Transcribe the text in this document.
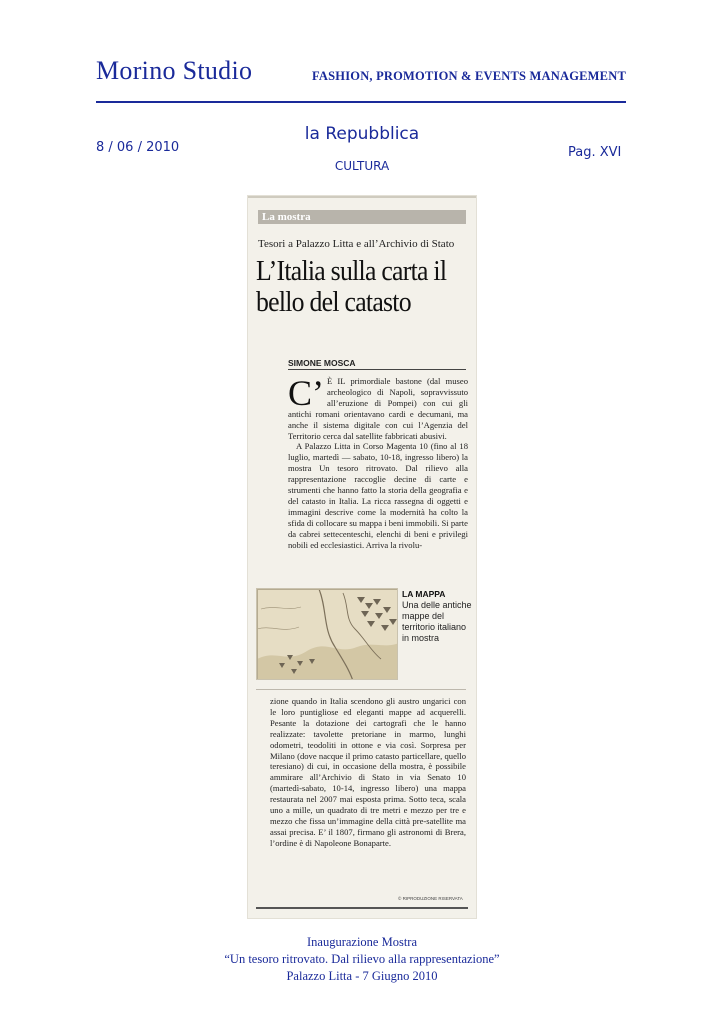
Morino Studio	FASHION, PROMOTION & EVENTS MANAGEMENT
8 / 06 / 2010
la Repubblica
CULTURA
Pag. XVI
La mostra
Tesori a Palazzo Litta e all’Archivio di Stato
L’Italia sulla carta il bello del catasto
SIMONE MOSCA
C’ È IL primordiale bastone (dal museo archeologico di Napoli, sopravvissuto all’eruzione di Pompei) con cui gli antichi romani orientavano cardi e decumani, ma anche il sistema digitale con cui l’Agenzia del Territorio cerca dal satellite fabbricati abusivi.

A Palazzo Litta in Corso Magenta 10 (fino al 18 luglio, martedì — sabato, 10-18, ingresso libero) la mostra Un tesoro ritrovato. Dal rilievo alla rappresentazione raccoglie decine di carte e strumenti che hanno fatto la storia della geografia e del catasto in Italia. La ricca rassegna di oggetti e immagini descrive come la modernità ha colto la sfida di collocare su mappa i beni immobili. Si parte da cabrei settecenteschi, elenchi di beni e privilegi nobili ed ecclesiastici. Arriva la rivolu-

LA MAPPA
Una delle antiche mappe del territorio italiano in mostra

zione quando in Italia scendono gli austro ungarici con le loro puntigliose ed eleganti mappe ad acquerelli. Pesante la dotazione dei cartografi che le hanno realizzate: tavolette pretoriane in marmo, lunghi odometri, teodoliti in ottone e via così. Sorpresa per Milano (dove nacque il primo catasto particellare, quello teresiano) di cui, in occasione della mostra, è possibile ammirare all’Archivio di Stato in via Senato 10 (martedì-sabato, 10-14, ingresso libero) una mappa restaurata nel 2007 mai esposta prima. Sotto teca, scala uno a mille, un quadrato di tre metri e mezzo per tre e mezzo che fissa un’immagine della città pre-satellite ma assai precisa. E’ il 1807, firmano gli astronomi di Brera, l’ordine è di Napoleone Bonaparte.

© RIPRODUZIONE RISERVATA
Inaugurazione Mostra
“Un tesoro ritrovato. Dal rilievo alla rappresentazione”
Palazzo Litta - 7 Giugno 2010
